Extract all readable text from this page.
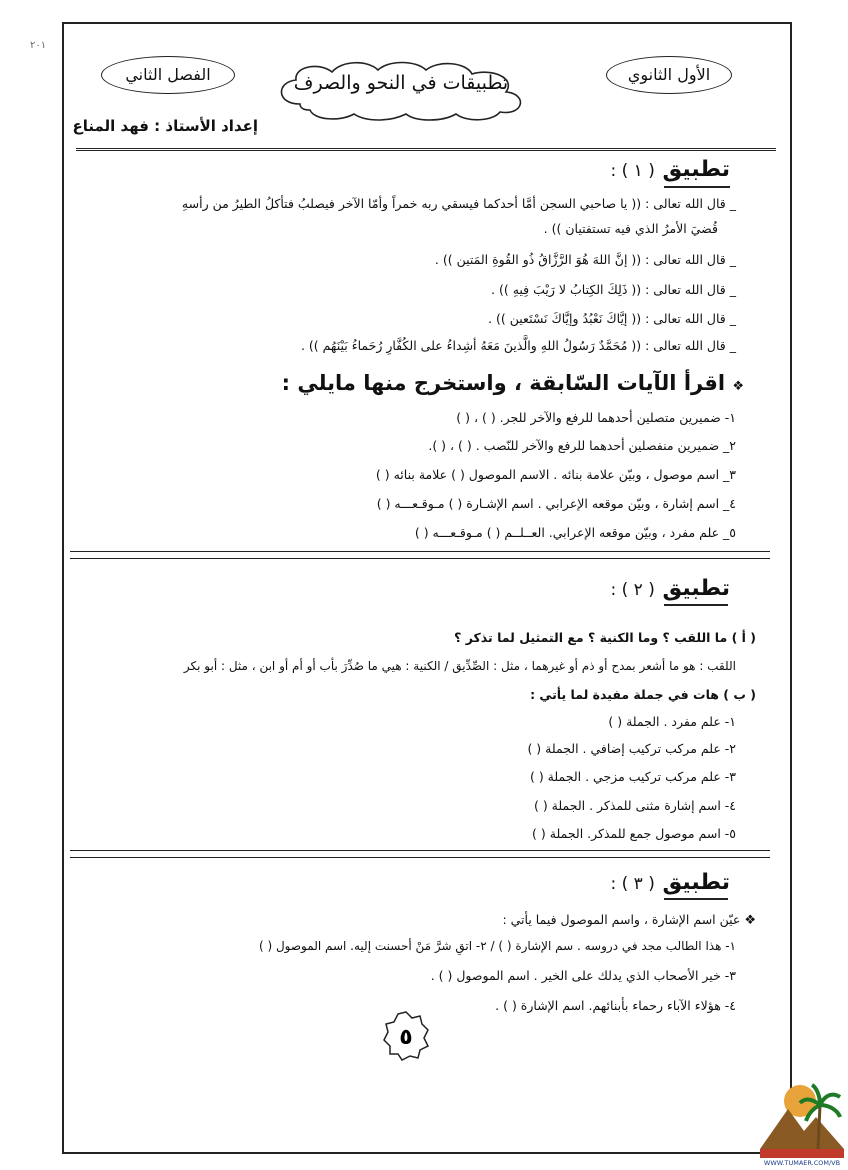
٢٠١
الفصل الثاني	الأول الثانوي
تطبيقات في النحو والصرف
إعداد الأستاذ : فهد المناع
تطبيق ( ١ ) :
_ قال الله تعالى : (( يا صاحبي السجن أمَّا أحدكما فيسقي ربه خمراً وأمّا الآخر فيصلبُ فتأكلُ الطيرُ من رأسهِ
قُضيَ الأمرُ الذي فيه تستفتيان )) .
_ قال الله تعالى : (( إنَّ اللهَ هُوَ الرَّزَّاقُ ذُو القُوةِ المَتين )) .
_ قال الله تعالى : (( ذَلِكَ الكِتابُ لا رَيْبَ فِيهِ )) .
_ قال الله تعالى : (( إيَّاكَ نَعْبُدُ وإيَّاكَ نَسْتَعين )) .
_ قال الله تعالى : (( مُحَمَّدٌ رَسُولُ اللهِ والَّذينَ مَعَهُ أشِداءُ على الكُفَّارِ رُحَماءُ بَيْنَهُم )) .
❖ اقرأ الآيات السّابقة ، واستخرج منها مايلي :
١- ضميرين متصلين أحدهما للرفع والآخر للجر. ( ) ، ( )
٢_ ضميرين منفصلين أحدهما للرفع والآخر للنّصب . ( ) ، ( ).
٣_ اسم موصول ، وبيّن علامة بنائه . الاسم الموصول ( ) علامة بنائه ( )
٤_ اسم إشارة ، وبيّن موقعه الإعرابي . اسم الإشـارة ( ) مـوقـعـــه ( )
٥_ علم مفرد ، وبيّن موقعه الإعرابي. العــلــم ( ) مـوقـعـــه ( )
تطبيق ( ٢ ) :
( أ ) ما اللقب ؟ وما الكنية ؟ مع التمثيل لما تذكر ؟
اللقب : هو ما أشعر بمدح أو ذم أو غيرهما ، مثل : الصِّدِّيق / الكنية : هيي ما صُدِّرَ بأب أو أم أو ابن ، مثل : أبو بكر
( ب ) هات في جملة مفيدة لما يأتي :
١- علم مفرد . الجملة ( )
٢- علم مركب تركيب إضافي . الجملة ( )
٣- علم مركب تركيب مزجي . الجملة ( )
٤- اسم إشارة مثنى للمذكر . الجملة ( )
٥- اسم موصول جمع للمذكر. الجملة ( )
تطبيق ( ٣ ) :
❖ عيّن اسم الإشارة ، واسم الموصول فيما يأتي :
١- هذا الطالب مجد في دروسه . سم الإشارة ( ) / ٢- اتقِ شرَّ مَنْ أحسنت إليه. اسم الموصول ( )
٣- خير الأصحاب الذي يدلك على الخير . اسم الموصول ( ) .
٤- هؤلاء الآباء رحماء بأبنائهم. اسم الإشارة ( ) .
٥
WWW.TUMAER.COM/VB
